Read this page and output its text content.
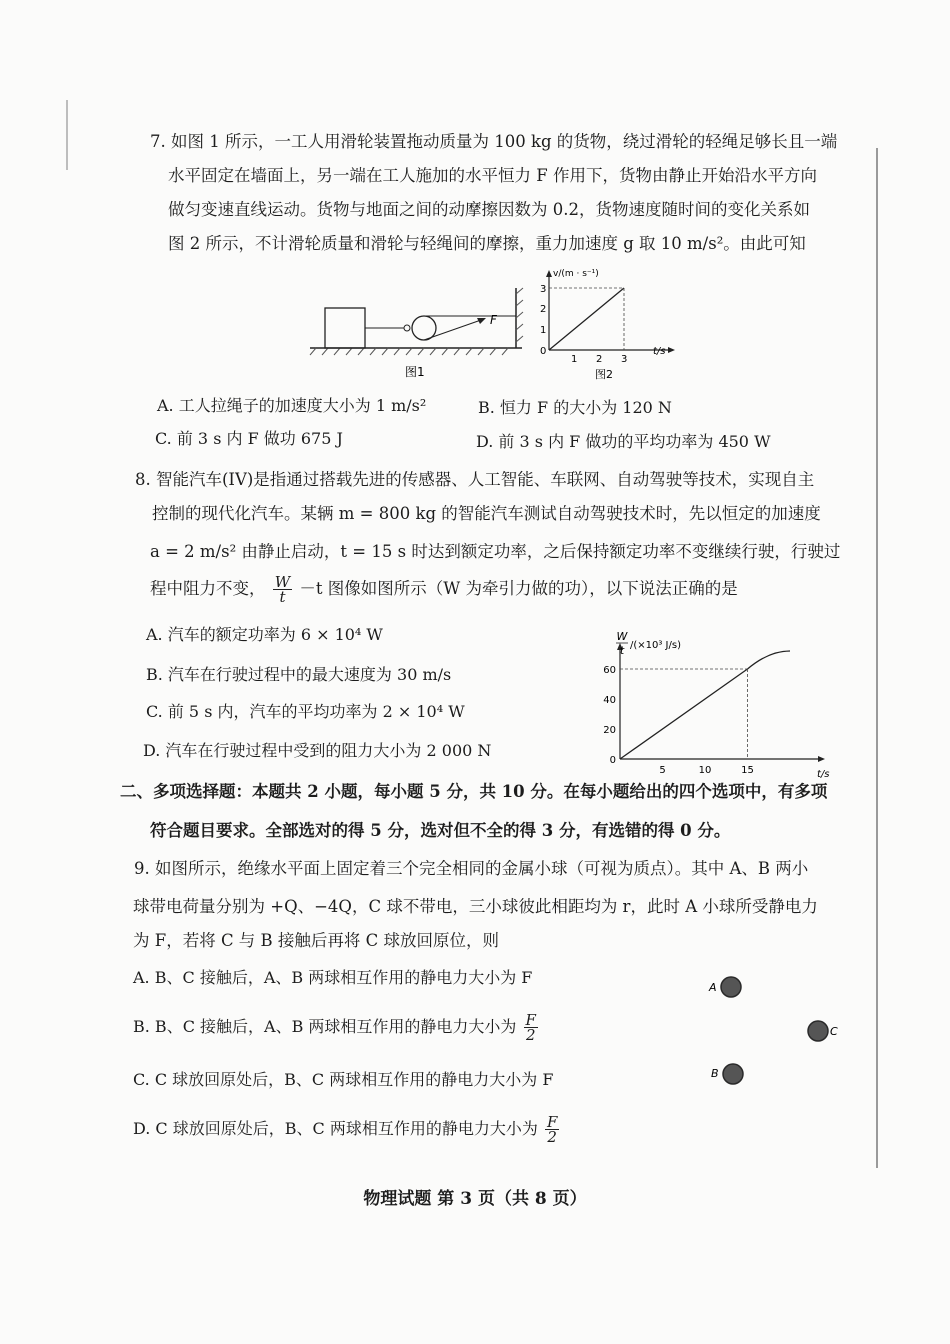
7. 如图 1 所示，一工人用滑轮装置拖动质量为 100 kg 的货物，绕过滑轮的轻绳足够长且一端
水平固定在墙面上，另一端在工人施加的水平恒力 F 作用下，货物由静止开始沿水平方向
做匀变速直线运动。货物与地面之间的动摩擦因数为 0.2，货物速度随时间的变化关系如
图 2 所示，不计滑轮质量和滑轮与轻绳间的摩擦，重力加速度 g 取 10 m/s²。由此可知
F
图1
v/(m · s⁻¹)
t/s
0
1
2
3
1 2 3
图2
A. 工人拉绳子的加速度大小为 1 m/s²	B. 恒力 F 的大小为 120 N
C. 前 3 s 内 F 做功 675 J	D. 前 3 s 内 F 做功的平均功率为 450 W
8. 智能汽车(IV)是指通过搭载先进的传感器、人工智能、车联网、自动驾驶等技术，实现自主
控制的现代化汽车。某辆 m = 800 kg 的智能汽车测试自动驾驶技术时，先以恒定的加速度
a = 2 m/s² 由静止启动，t = 15 s 时达到额定功率，之后保持额定功率不变继续行驶，行驶过
程中阻力不变， $\frac{W}{t} -t$ 图像如图所示（W 为牵引力做的功），以下说法正确的是
A. 汽车的额定功率为 6 × 10⁴ W
B. 汽车在行驶过程中的最大速度为 30 m/s
C. 前 5 s 内，汽车的平均功率为 2 × 10⁴ W
D. 汽车在行驶过程中受到的阻力大小为 2 000 N
W
t /(×10³ J/s)
t/s
0
20
40
60
5	10	15
二、多项选择题：本题共 2 小题，每小题 5 分，共 10 分。在每小题给出的四个选项中，有多项
符合题目要求。全部选对的得 5 分，选对但不全的得 3 分，有选错的得 0 分。
9. 如图所示，绝缘水平面上固定着三个完全相同的金属小球（可视为质点）。其中 A、B 两小
球带电荷量分别为 +Q、−4Q，C 球不带电，三小球彼此相距均为 r，此时 A 小球所受静电力
为 F，若将 C 与 B 接触后再将 C 球放回原位，则
A. B、C 接触后，A、B 两球相互作用的静电力大小为 F
B. B、C 接触后，A、B 两球相互作用的静电力大小为 $\frac{F}{2}$
C. C 球放回原处后，B、C 两球相互作用的静电力大小为 F
D. C 球放回原处后，B、C 两球相互作用的静电力大小为 $\frac{F}{2}$
A
C
B
物理试题 第 3 页（共 8 页）
